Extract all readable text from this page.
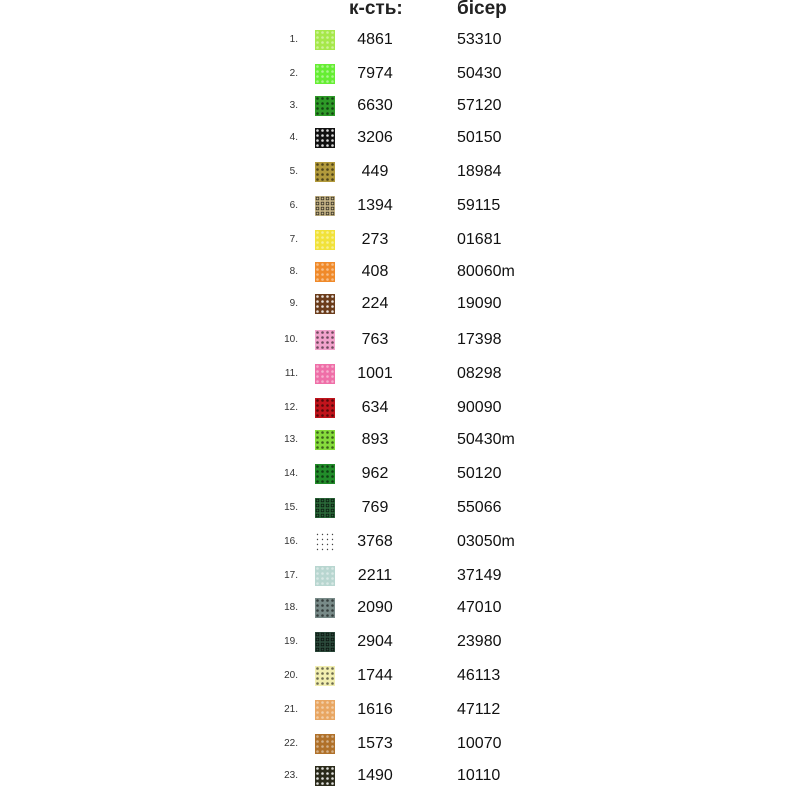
к-сть:	бісер
1.	4861	53310
2.	7974	50430
3.	6630	57120
4.	3206	50150
5.	449	18984
6.	1394	59115
7.	273	01681
8.	408	80060m
9.	224	19090
10.	763	17398
11.	1001	08298
12.	634	90090
13.	893	50430m
14.	962	50120
15.	769	55066
16.	3768	03050m
17.	2211	37149
18.	2090	47010
19.	2904	23980
20.	1744	46113
21.	1616	47112
22.	1573	10070
23.	1490	10110
